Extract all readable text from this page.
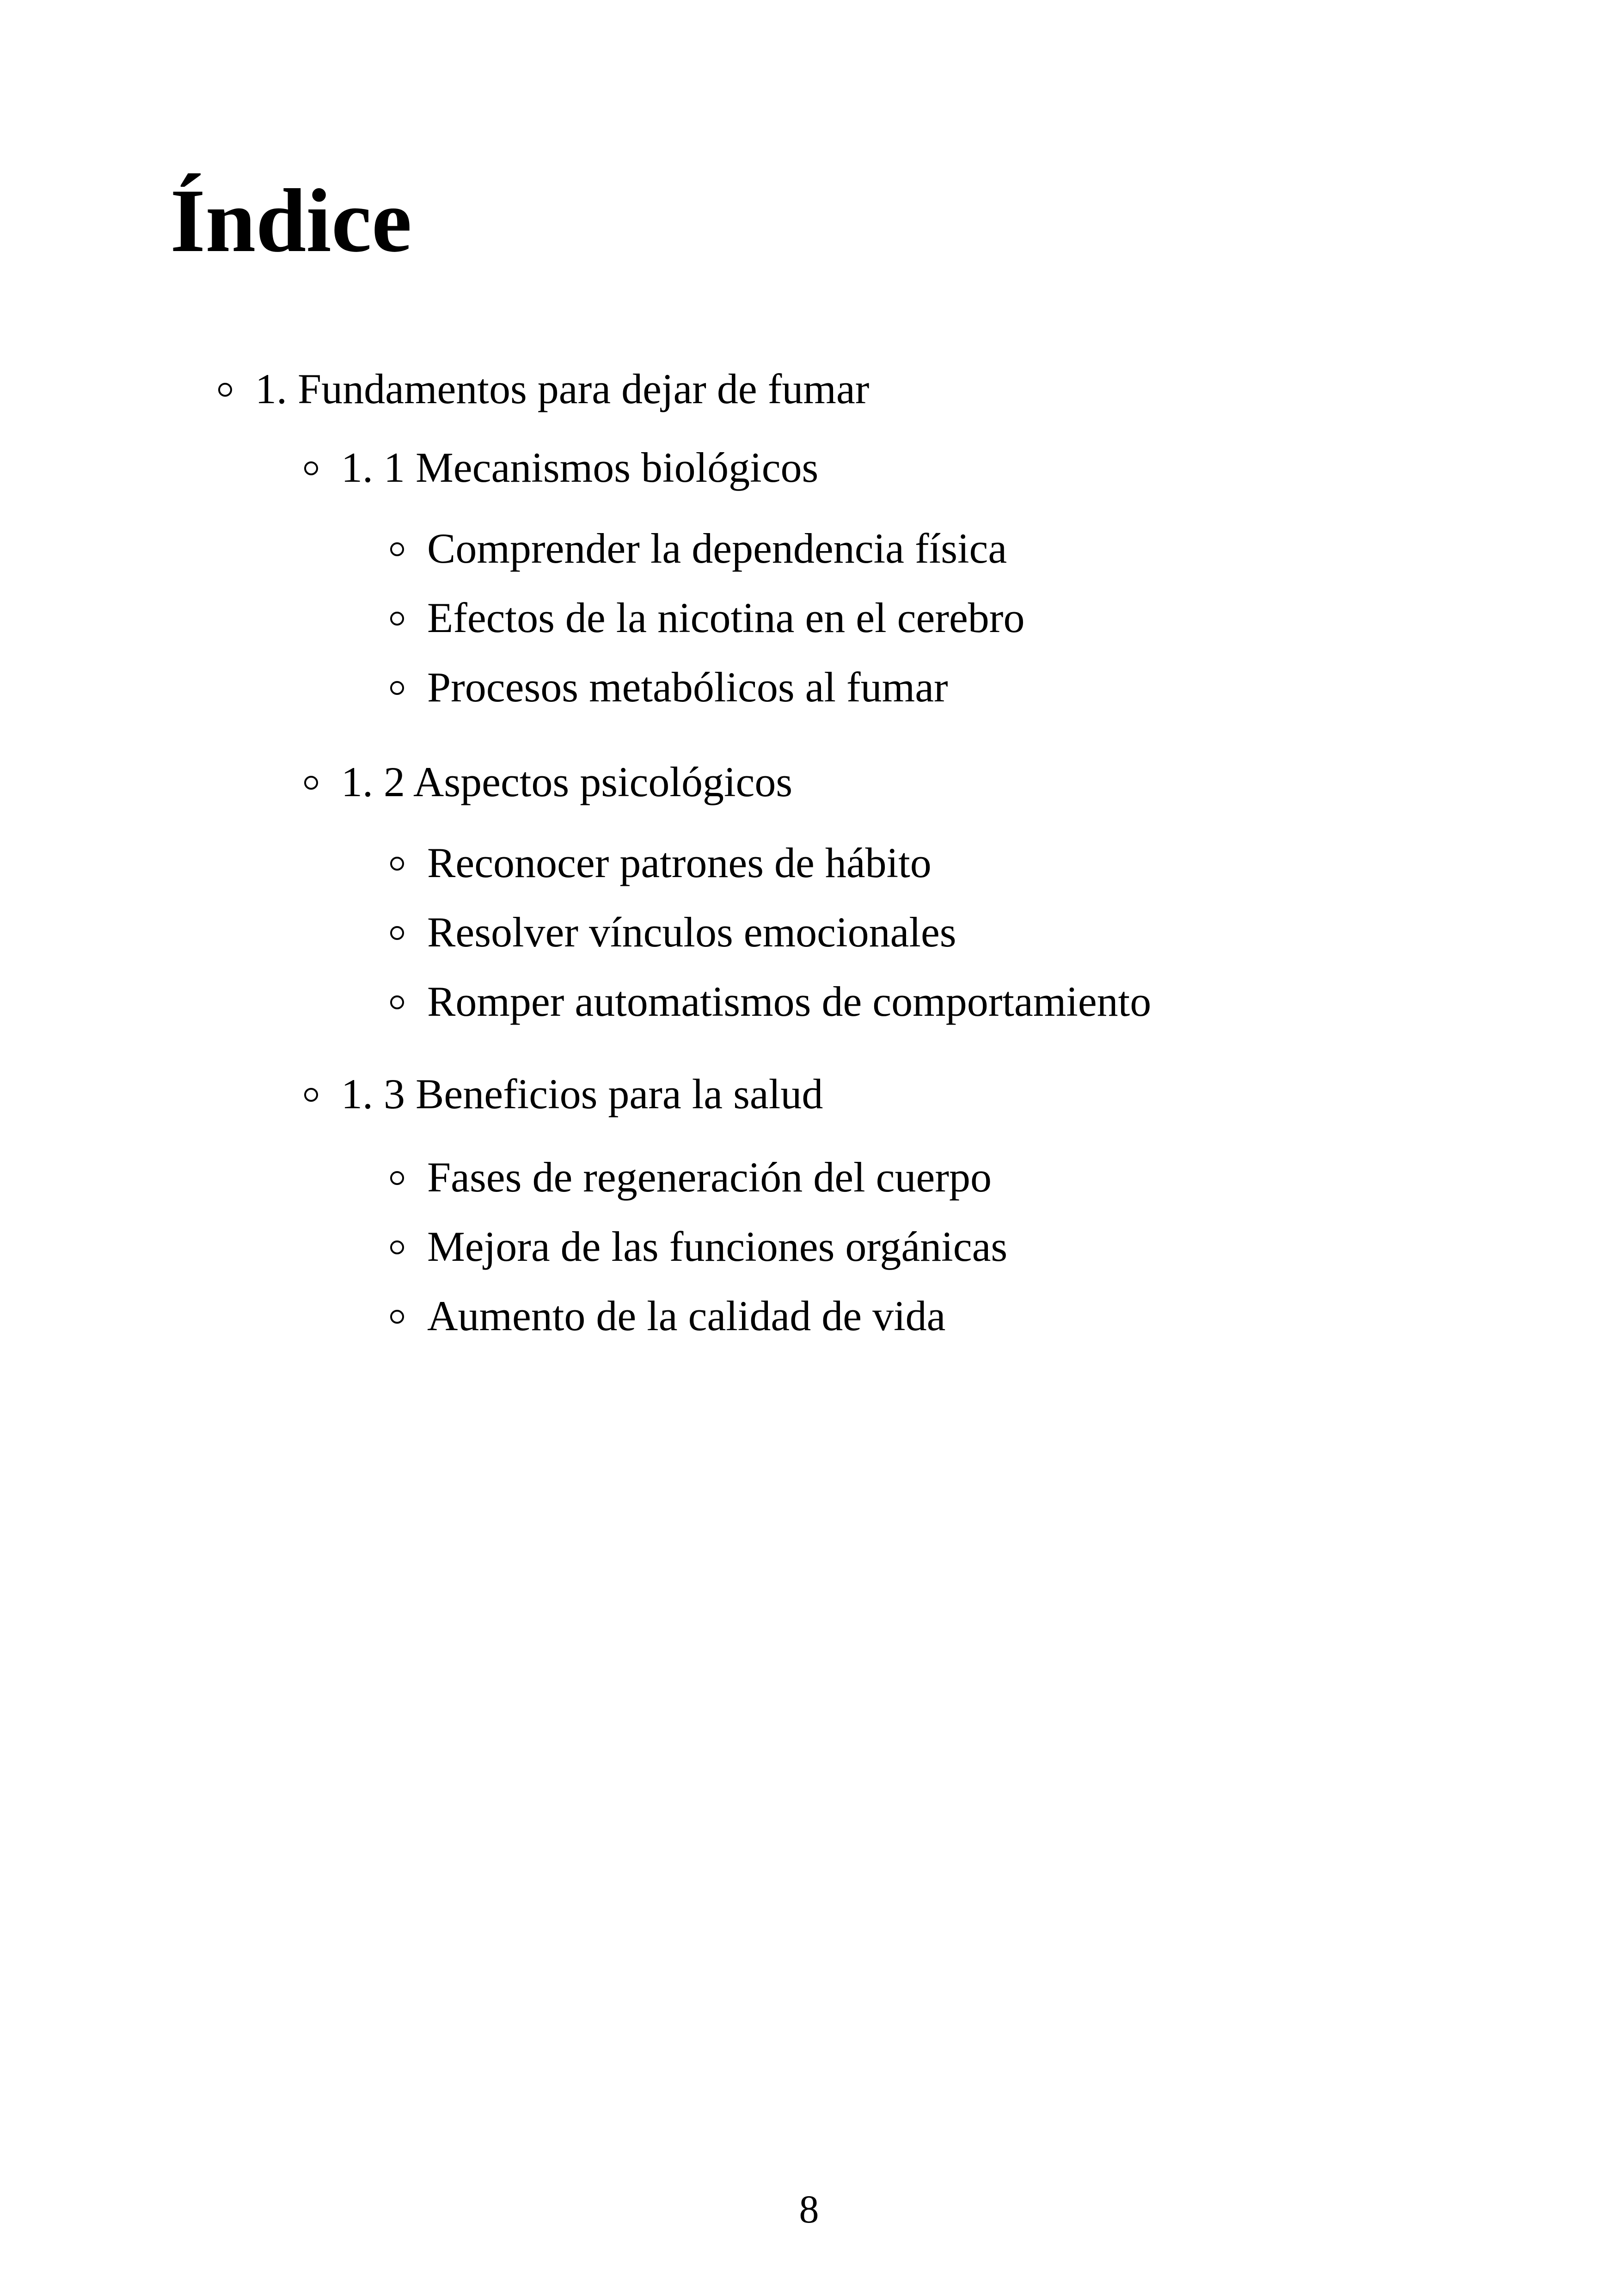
Índice
1. Fundamentos para dejar de fumar
1. 1 Mecanismos biológicos
Comprender la dependencia física
Efectos de la nicotina en el cerebro
Procesos metabólicos al fumar
1. 2 Aspectos psicológicos
Reconocer patrones de hábito
Resolver vínculos emocionales
Romper automatismos de comportamiento
1. 3 Beneficios para la salud
Fases de regeneración del cuerpo
Mejora de las funciones orgánicas
Aumento de la calidad de vida
8
